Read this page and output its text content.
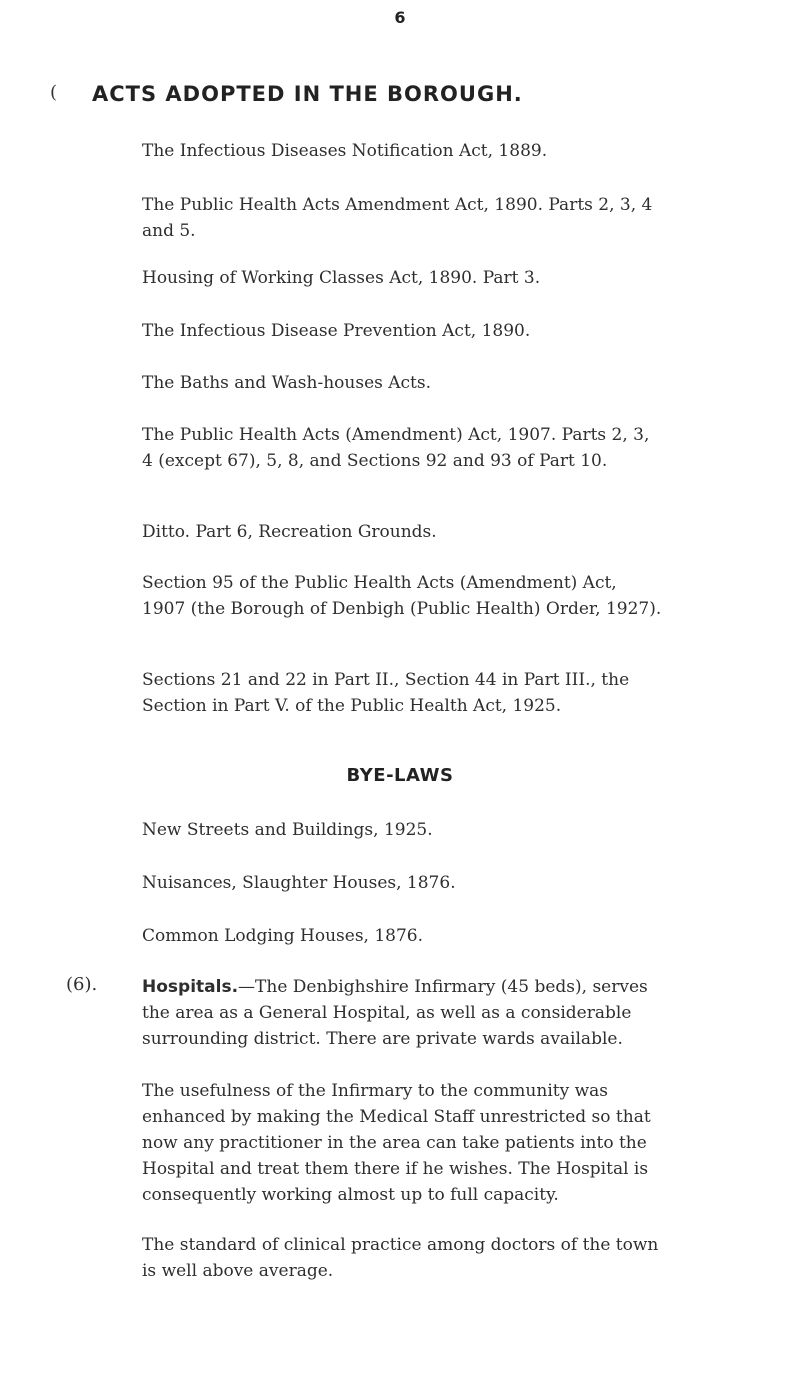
6
( ACTS ADOPTED IN THE BOROUGH.
The Infectious Diseases Notification Act, 1889.
The Public Health Acts Amendment Act, 1890. Parts 2, 3, 4 and 5.
Housing of Working Classes Act, 1890. Part 3.
The Infectious Disease Prevention Act, 1890.
The Baths and Wash-houses Acts.
The Public Health Acts (Amendment) Act, 1907. Parts 2, 3, 4 (except 67), 5, 8, and Sections 92 and 93 of Part 10.
Ditto. Part 6, Recreation Grounds.
Section 95 of the Public Health Acts (Amendment) Act, 1907 (the Borough of Denbigh (Public Health) Order, 1927).
Sections 21 and 22 in Part II., Section 44 in Part III., the Section in Part V. of the Public Health Act, 1925.
BYE-LAWS
New Streets and Buildings, 1925.
Nuisances, Slaughter Houses, 1876.
Common Lodging Houses, 1876.
(6).	Hospitals.—The Denbighshire Infirmary (45 beds), serves the area as a General Hospital, as well as a considerable surrounding district. There are private wards available.
The usefulness of the Infirmary to the community was enhanced by making the Medical Staff unrestricted so that now any practitioner in the area can take patients into the Hospital and treat them there if he wishes. The Hospital is consequently working almost up to full capacity.
The standard of clinical practice among doctors of the town is well above average.
